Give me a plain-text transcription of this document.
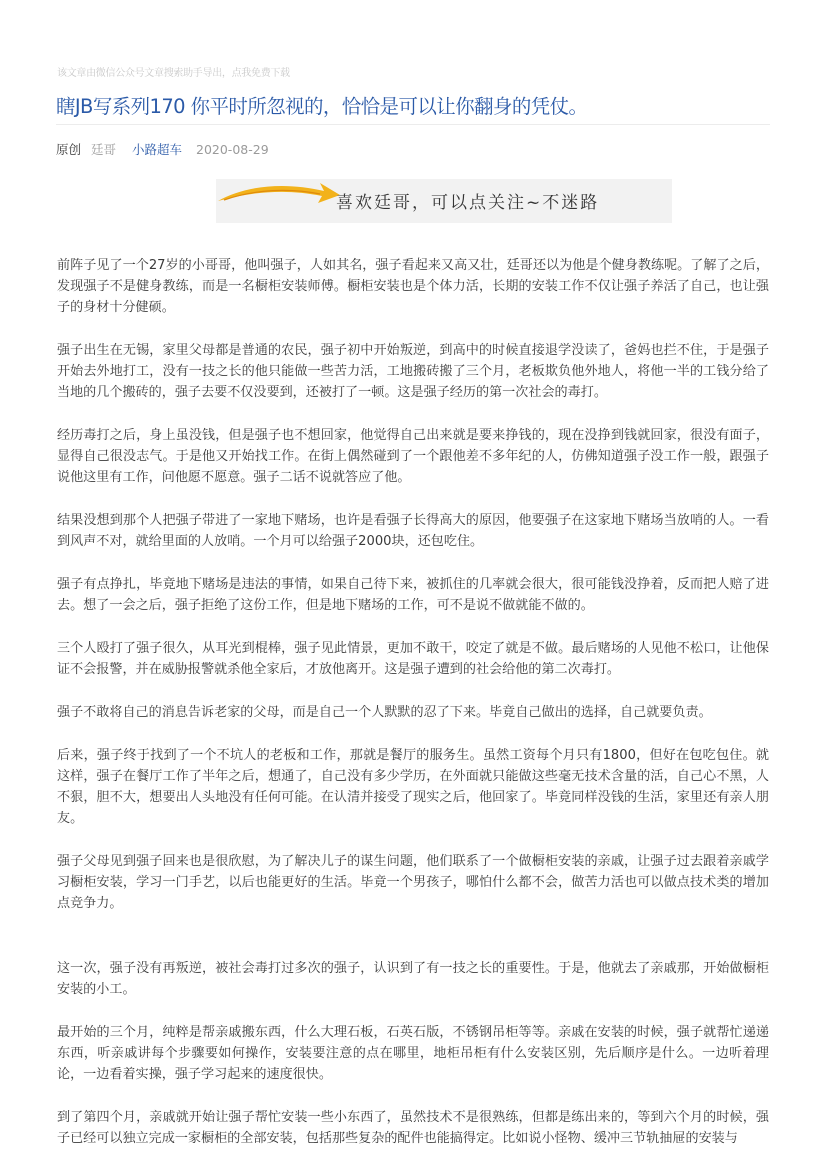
该文章由微信公众号文章搜索助手导出，点我免费下载
瞎JB写系列170 你平时所忽视的，恰恰是可以让你翻身的凭仗。
原创 廷哥 小路超车 2020-08-29
喜欢廷哥，可以点关注~不迷路

前阵子见了一个27岁的小哥哥，他叫强子，人如其名，强子看起来又高又壮，廷哥还以为他是个健身教练呢。了解了之后，发现强子不是健身教练，而是一名橱柜安装师傅。橱柜安装也是个体力活，长期的安装工作不仅让强子养活了自己，也让强子的身材十分健硕。

强子出生在无锡，家里父母都是普通的农民，强子初中开始叛逆，到高中的时候直接退学没读了，爸妈也拦不住，于是强子开始去外地打工，没有一技之长的他只能做一些苦力活，工地搬砖搬了三个月，老板欺负他外地人，将他一半的工钱分给了当地的几个搬砖的，强子去要不仅没要到，还被打了一顿。这是强子经历的第一次社会的毒打。

经历毒打之后，身上虽没钱，但是强子也不想回家，他觉得自己出来就是要来挣钱的，现在没挣到钱就回家，很没有面子，显得自己很没志气。于是他又开始找工作。在街上偶然碰到了一个跟他差不多年纪的人，仿佛知道强子没工作一般，跟强子说他这里有工作，问他愿不愿意。强子二话不说就答应了他。

结果没想到那个人把强子带进了一家地下赌场，也许是看强子长得高大的原因，他要强子在这家地下赌场当放哨的人。一看到风声不对，就给里面的人放哨。一个月可以给强子2000块，还包吃住。

强子有点挣扎，毕竟地下赌场是违法的事情，如果自己待下来，被抓住的几率就会很大，很可能钱没挣着，反而把人赔了进去。想了一会之后，强子拒绝了这份工作，但是地下赌场的工作，可不是说不做就能不做的。

三个人殴打了强子很久，从耳光到棍棒，强子见此情景，更加不敢干，咬定了就是不做。最后赌场的人见他不松口，让他保证不会报警，并在威胁报警就杀他全家后，才放他离开。这是强子遭到的社会给他的第二次毒打。

强子不敢将自己的消息告诉老家的父母，而是自己一个人默默的忍了下来。毕竟自己做出的选择，自己就要负责。

后来，强子终于找到了一个不坑人的老板和工作，那就是餐厅的服务生。虽然工资每个月只有1800，但好在包吃包住。就这样，强子在餐厅工作了半年之后，想通了，自己没有多少学历，在外面就只能做这些毫无技术含量的活，自己心不黑，人不狠，胆不大，想要出人头地没有任何可能。在认清并接受了现实之后，他回家了。毕竟同样没钱的生活，家里还有亲人朋友。

强子父母见到强子回来也是很欣慰，为了解决儿子的谋生问题，他们联系了一个做橱柜安装的亲戚，让强子过去跟着亲戚学习橱柜安装，学习一门手艺，以后也能更好的生活。毕竟一个男孩子，哪怕什么都不会，做苦力活也可以做点技术类的增加点竞争力。

这一次，强子没有再叛逆，被社会毒打过多次的强子，认识到了有一技之长的重要性。于是，他就去了亲戚那，开始做橱柜安装的小工。

最开始的三个月，纯粹是帮亲戚搬东西，什么大理石板，石英石版，不锈钢吊柜等等。亲戚在安装的时候，强子就帮忙递递东西，听亲戚讲每个步骤要如何操作，安装要注意的点在哪里，地柜吊柜有什么安装区别，先后顺序是什么。一边听着理论，一边看着实操，强子学习起来的速度很快。

到了第四个月，亲戚就开始让强子帮忙安装一些小东西了，虽然技术不是很熟练，但都是练出来的，等到六个月的时候，强子已经可以独立完成一家橱柜的全部安装，包括那些复杂的配件也能搞得定。比如说小怪物、缓冲三节轨抽屉的安装与
